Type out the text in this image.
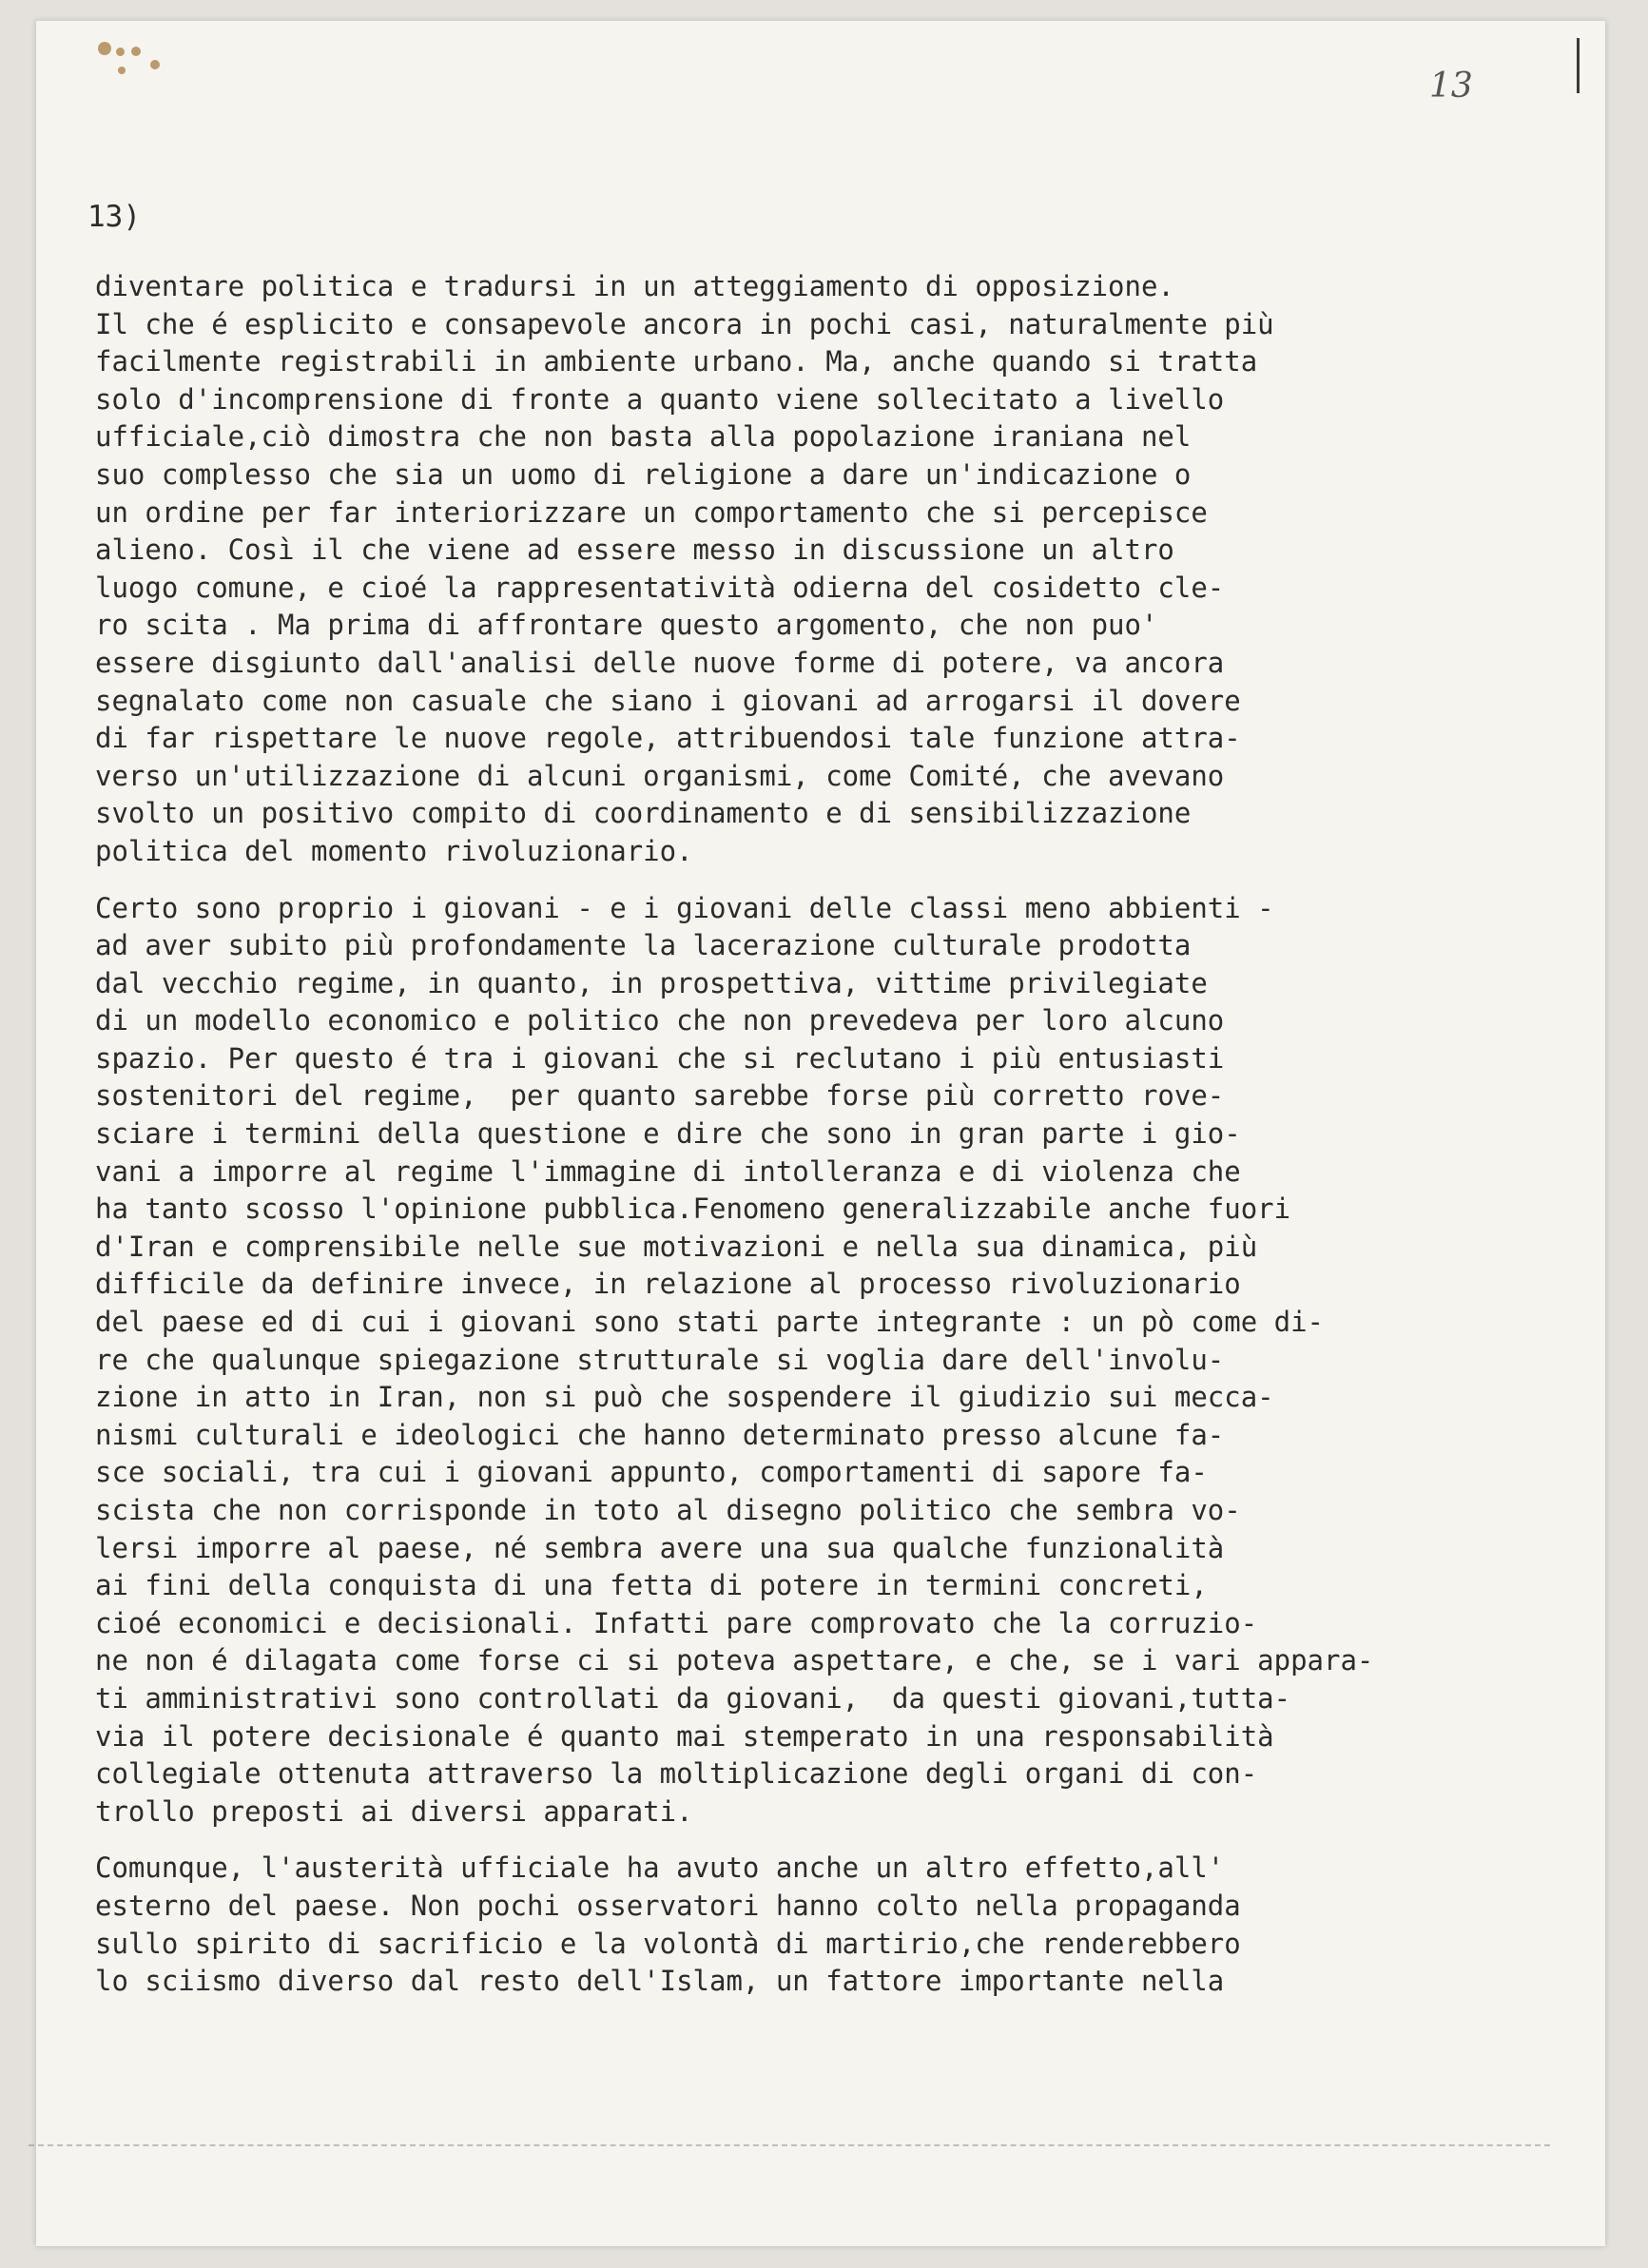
13
13)

diventare politica e tradursi in un atteggiamento di opposizione.
Il che é esplicito e consapevole ancora in pochi casi, naturalmente più
facilmente registrabili in ambiente urbano. Ma, anche quando si tratta
solo d'incomprensione di fronte a quanto viene sollecitato a livello
ufficiale,ciò dimostra che non basta alla popolazione iraniana nel
suo complesso che sia un uomo di religione a dare un'indicazione o
un ordine per far interiorizzare un comportamento che si percepisce
alieno. Così il che viene ad essere messo in discussione un altro
luogo comune, e cioé la rappresentatività odierna del cosidetto cle-
ro scita . Ma prima di affrontare questo argomento, che non puo'
essere disgiunto dall'analisi delle nuove forme di potere, va ancora
segnalato come non casuale che siano i giovani ad arrogarsi il dovere
di far rispettare le nuove regole, attribuendosi tale funzione attra-
verso un'utilizzazione di alcuni organismi, come Comité, che avevano
svolto un positivo compito di coordinamento e di sensibilizzazione
politica del momento rivoluzionario.

Certo sono proprio i giovani - e i giovani delle classi meno abbienti -
ad aver subito più profondamente la lacerazione culturale prodotta
dal vecchio regime, in quanto, in prospettiva, vittime privilegiate
di un modello economico e politico che non prevedeva per loro alcuno
spazio. Per questo é tra i giovani che si reclutano i più entusiasti
sostenitori del regime,  per quanto sarebbe forse più corretto rove-
sciare i termini della questione e dire che sono in gran parte i gio-
vani a imporre al regime l'immagine di intolleranza e di violenza che
ha tanto scosso l'opinione pubblica.Fenomeno generalizzabile anche fuori
d'Iran e comprensibile nelle sue motivazioni e nella sua dinamica, più
difficile da definire invece, in relazione al processo rivoluzionario
del paese ed di cui i giovani sono stati parte integrante : un pò come di-
re che qualunque spiegazione strutturale si voglia dare dell'involu-
zione in atto in Iran, non si può che sospendere il giudizio sui mecca-
nismi culturali e ideologici che hanno determinato presso alcune fa-
sce sociali, tra cui i giovani appunto, comportamenti di sapore fa-
scista che non corrisponde in toto al disegno politico che sembra vo-
lersi imporre al paese, né sembra avere una sua qualche funzionalità
ai fini della conquista di una fetta di potere in termini concreti,
cioé economici e decisionali. Infatti pare comprovato che la corruzio-
ne non é dilagata come forse ci si poteva aspettare, e che, se i vari appara-
ti amministrativi sono controllati da giovani,  da questi giovani,tutta-
via il potere decisionale é quanto mai stemperato in una responsabilità
collegiale ottenuta attraverso la moltiplicazione degli organi di con-
trollo preposti ai diversi apparati.

Comunque, l'austerità ufficiale ha avuto anche un altro effetto,all'
esterno del paese. Non pochi osservatori hanno colto nella propaganda
sullo spirito di sacrificio e la volontà di martirio,che renderebbero
lo sciismo diverso dal resto dell'Islam, un fattore importante nella
